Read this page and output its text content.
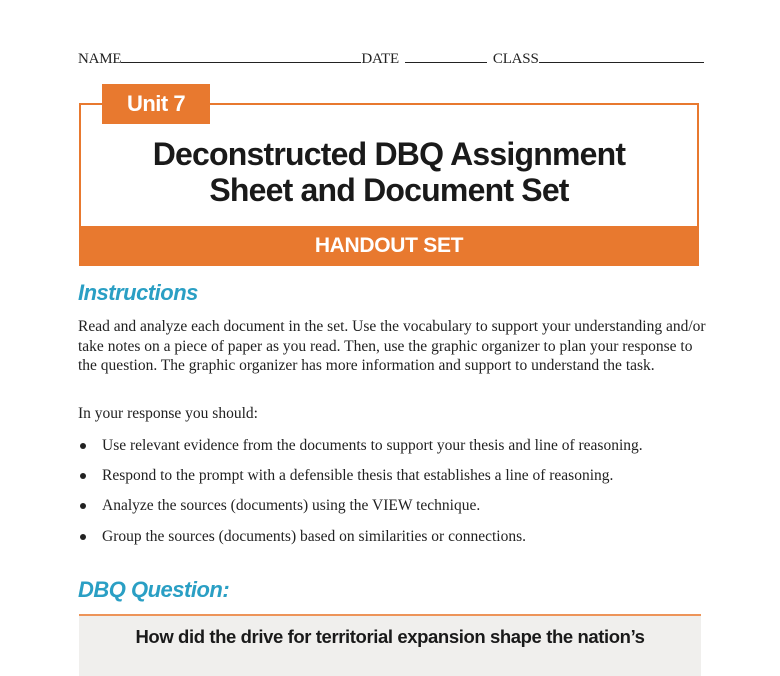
NAME	DATE	CLASS
Unit 7
Deconstructed DBQ Assignment
Sheet and Document Set
HANDOUT SET
Instructions
Read and analyze each document in the set. Use the vocabulary to support your understanding and/or take notes on a piece of paper as you read. Then, use the graphic organizer to plan your response to the question. The graphic organizer has more information and support to understand the task.
In your response you should:
Use relevant evidence from the documents to support your thesis and line of reasoning.
Respond to the prompt with a defensible thesis that establishes a line of reasoning.
Analyze the sources (documents) using the VIEW technique.
Group the sources (documents) based on similarities or connections.
DBQ Question:
How did the drive for territorial expansion shape the nation’s
